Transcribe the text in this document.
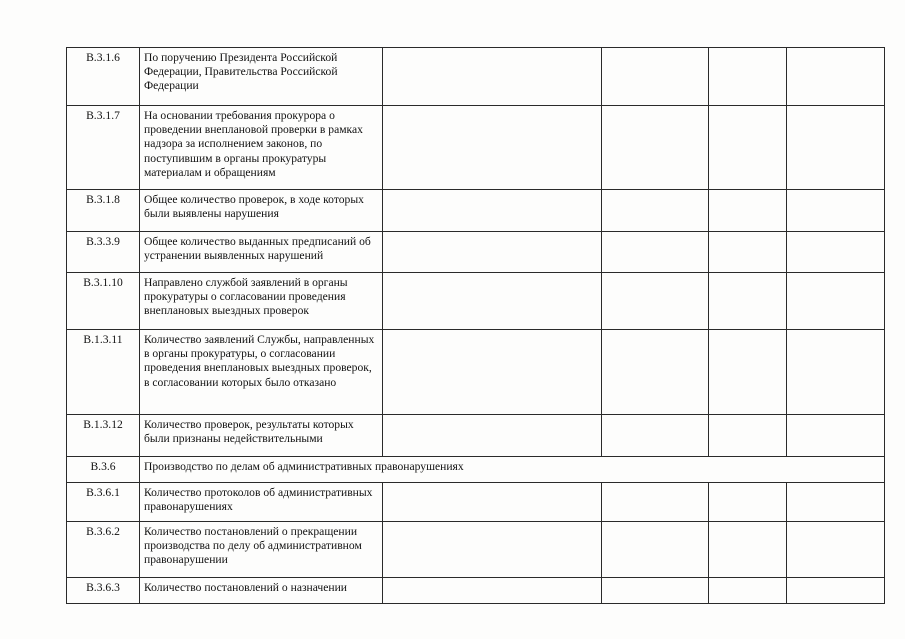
В.3.1.6	По поручению Президента Российской Федерации, Правительства Российской Федерации				
В.3.1.7	На основании требования прокурора о проведении внеплановой проверки в рамках надзора за исполнением законов, по поступившим в органы прокуратуры материалам и обращениям				
В.3.1.8	Общее количество проверок, в ходе которых были выявлены нарушения				
В.3.3.9	Общее количество выданных предписаний об устранении выявленных нарушений				
В.3.1.10	Направлено службой заявлений в органы прокуратуры о согласовании проведения внеплановых выездных проверок				
В.1.3.11	Количество заявлений Службы, направленных в органы прокуратуры, о согласовании проведения внеплановых выездных проверок, в согласовании которых было отказано				
В.1.3.12	Количество проверок, результаты которых были признаны недействительными				
В.3.6	Производство по делам об административных правонарушениях				
В.3.6.1	Количество протоколов об административных правонарушениях				
В.3.6.2	Количество постановлений о прекращении производства по делу об административном правонарушении				
В.3.6.3	Количество постановлений о назначении				
